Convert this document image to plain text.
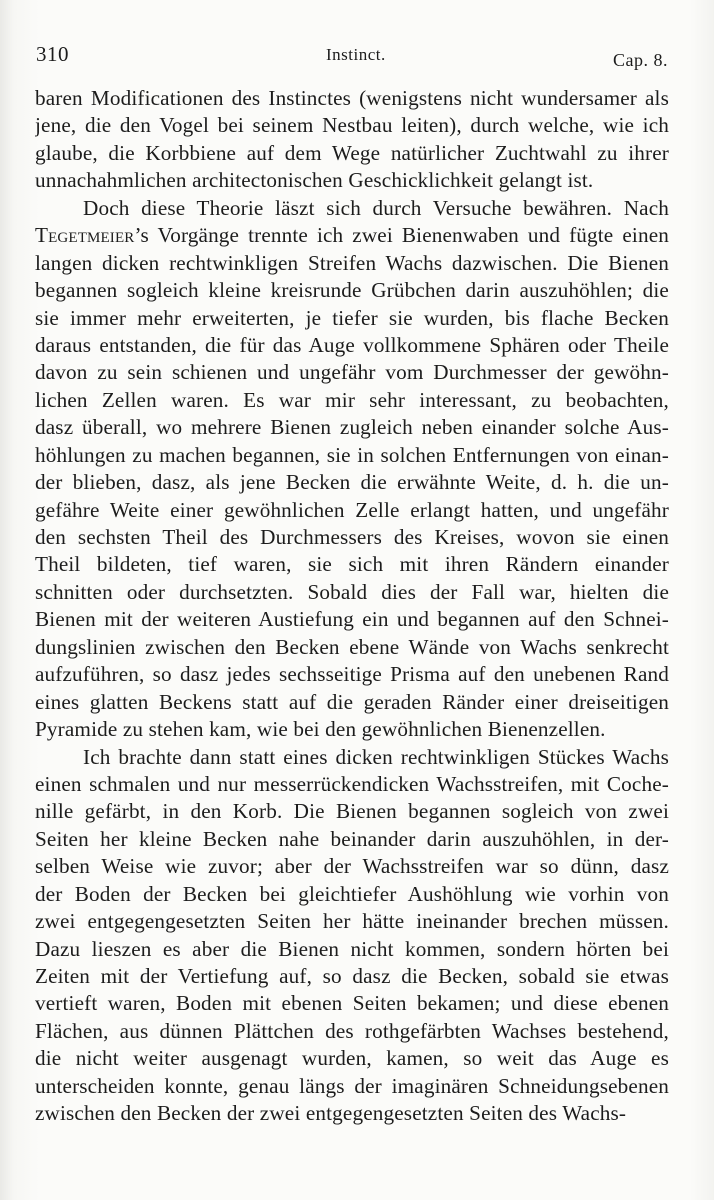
310	Instinct.	Cap. 8.
baren Modificationen des Instinctes (wenigstens nicht wundersamer als
jene, die den Vogel bei seinem Nestbau leiten), durch welche, wie ich
glaube, die Korbbiene auf dem Wege natürlicher Zuchtwahl zu ihrer
unnachahmlichen architectonischen Geschicklichkeit gelangt ist.
Doch diese Theorie läszt sich durch Versuche bewähren. Nach
Tegetmeier’s Vorgänge trennte ich zwei Bienenwaben und fügte einen
langen dicken rechtwinkligen Streifen Wachs dazwischen. Die Bienen
begannen sogleich kleine kreisrunde Grübchen darin auszuhöhlen; die
sie immer mehr erweiterten, je tiefer sie wurden, bis flache Becken
daraus entstanden, die für das Auge vollkommene Sphären oder Theile
davon zu sein schienen und ungefähr vom Durchmesser der gewöhn-
lichen Zellen waren. Es war mir sehr interessant, zu beobachten,
dasz überall, wo mehrere Bienen zugleich neben einander solche Aus-
höhlungen zu machen begannen, sie in solchen Entfernungen von einan-
der blieben, dasz, als jene Becken die erwähnte Weite, d. h. die un-
gefähre Weite einer gewöhnlichen Zelle erlangt hatten, und ungefähr
den sechsten Theil des Durchmessers des Kreises, wovon sie einen
Theil bildeten, tief waren, sie sich mit ihren Rändern einander
schnitten oder durchsetzten. Sobald dies der Fall war, hielten die
Bienen mit der weiteren Austiefung ein und begannen auf den Schnei-
dungslinien zwischen den Becken ebene Wände von Wachs senkrecht
aufzuführen, so dasz jedes sechsseitige Prisma auf den unebenen Rand
eines glatten Beckens statt auf die geraden Ränder einer dreiseitigen
Pyramide zu stehen kam, wie bei den gewöhnlichen Bienenzellen.
Ich brachte dann statt eines dicken rechtwinkligen Stückes Wachs
einen schmalen und nur messerrückendicken Wachsstreifen, mit Coche-
nille gefärbt, in den Korb. Die Bienen begannen sogleich von zwei
Seiten her kleine Becken nahe beinander darin auszuhöhlen, in der-
selben Weise wie zuvor; aber der Wachsstreifen war so dünn, dasz
der Boden der Becken bei gleichtiefer Aushöhlung wie vorhin von
zwei entgegengesetzten Seiten her hätte ineinander brechen müssen.
Dazu lieszen es aber die Bienen nicht kommen, sondern hörten bei
Zeiten mit der Vertiefung auf, so dasz die Becken, sobald sie etwas
vertieft waren, Boden mit ebenen Seiten bekamen; und diese ebenen
Flächen, aus dünnen Plättchen des rothgefärbten Wachses bestehend,
die nicht weiter ausgenagt wurden, kamen, so weit das Auge es
unterscheiden konnte, genau längs der imaginären Schneidungsebenen
zwischen den Becken der zwei entgegengesetzten Seiten des Wachs-
